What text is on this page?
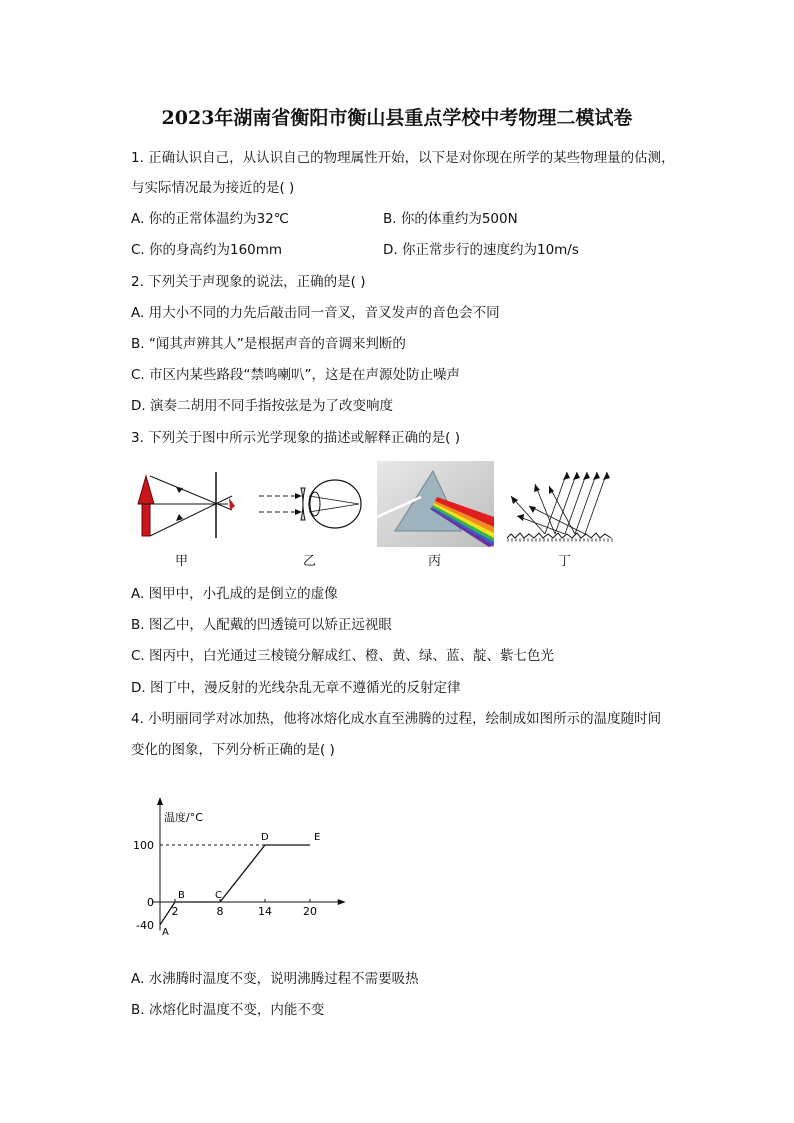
2023年湖南省衡阳市衡山县重点学校中考物理二模试卷
1. 正确认识自己，从认识自己的物理属性开始，以下是对你现在所学的某些物理量的估测，
与实际情况最为接近的是( )
A. 你的正常体温约为32℃	B. 你的体重约为500N
C. 你的身高约为160mm	D. 你正常步行的速度约为10m/s
2. 下列关于声现象的说法，正确的是( )
A. 用大小不同的力先后敲击同一音叉，音叉发声的音色会不同
B. “闻其声辨其人”是根据声音的音调来判断的
C. 市区内某些路段“禁鸣喇叭”，这是在声源处防止噪声
D. 演奏二胡用不同手指按弦是为了改变响度
3. 下列关于图中所示光学现象的描述或解释正确的是( )
甲	乙	丙	丁
A. 图甲中，小孔成的是倒立的虚像
B. 图乙中，人配戴的凹透镜可以矫正远视眼
C. 图丙中，白光通过三棱镜分解成红、橙、黄、绿、蓝、靛、紫七色光
D. 图丁中，漫反射的光线杂乱无章不遵循光的反射定律
4. 小明丽同学对冰加热，他将冰熔化成水直至沸腾的过程，绘制成如图所示的温度随时间
变化的图象，下列分析正确的是( )
温度/°C
100
0
-40
2	8	14	20
A
B	C
D	E
A. 水沸腾时温度不变，说明沸腾过程不需要吸热
B. 冰熔化时温度不变，内能不变
